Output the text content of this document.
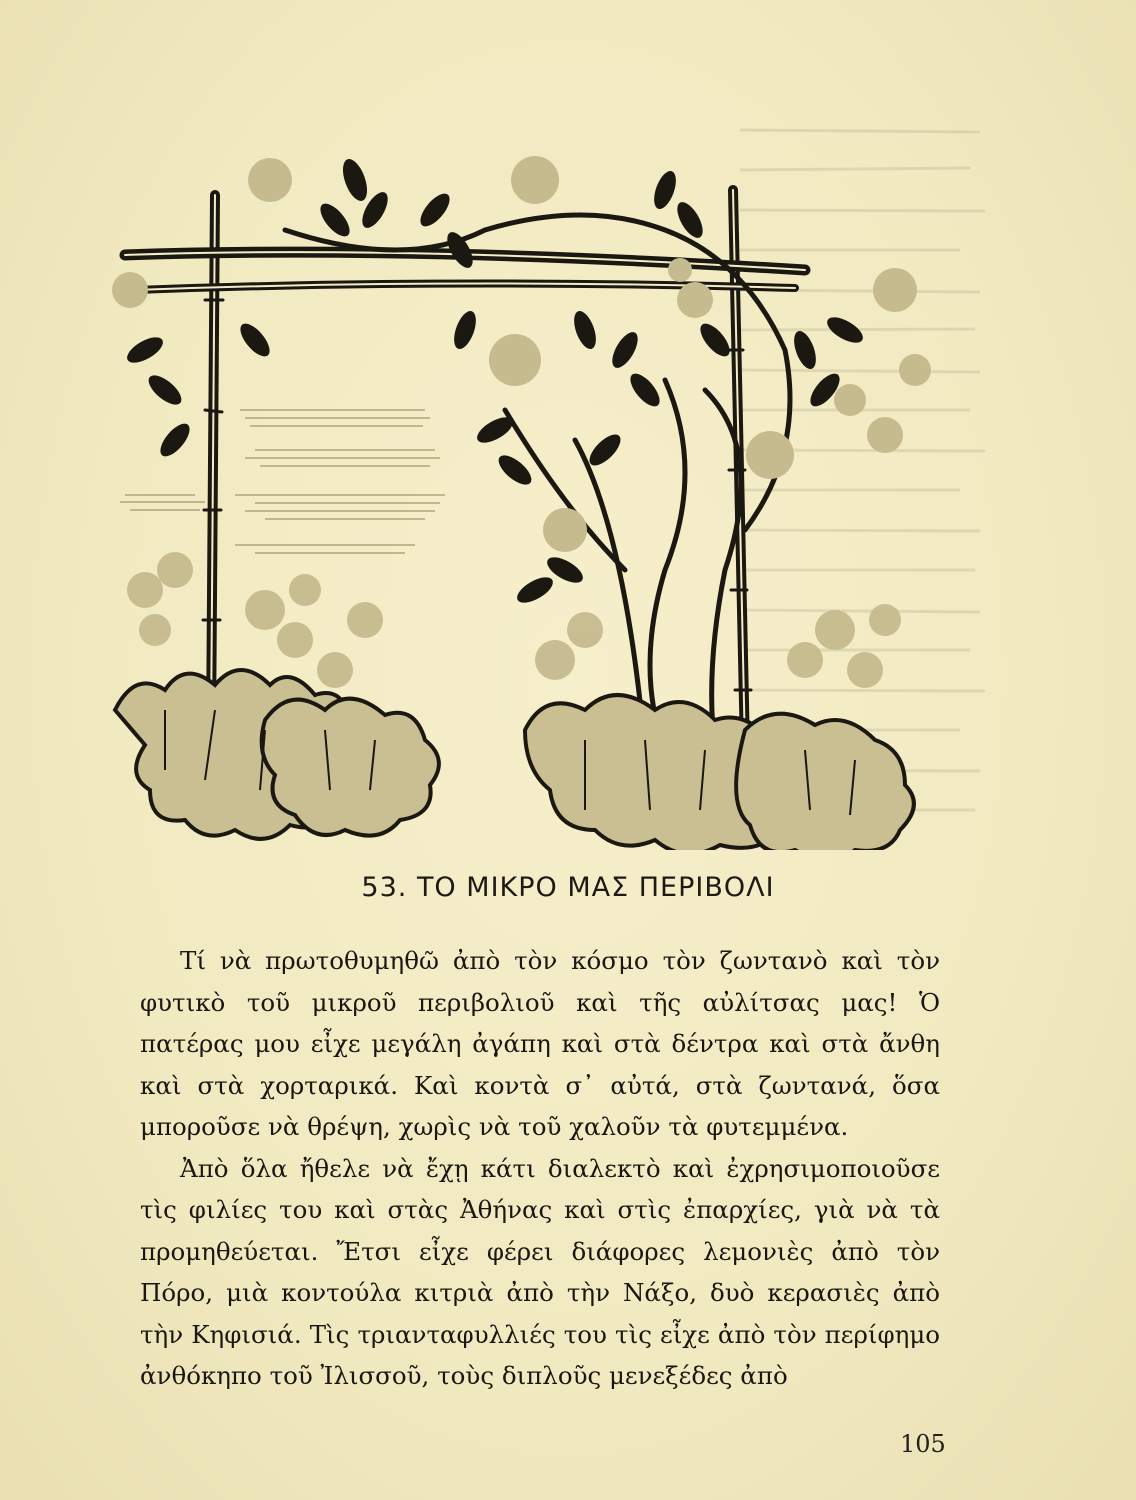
53. ΤΟ ΜΙΚΡΟ ΜΑΣ ΠΕΡΙΒΟΛΙ

Τί νὰ πρωτοθυμηθῶ ἀπὸ τὸν κόσμο τὸν ζωντανὸ καὶ τὸν φυτικὸ τοῦ μικροῦ περιβολιοῦ καὶ τῆς αὐλίτσας μας! Ὁ πατέρας μου εἶχε μεγάλη ἀγάπη καὶ στὰ δέντρα καὶ στὰ ἄνθη καὶ στὰ χορταρικά. Καὶ κοντὰ σ᾿ αὐτά, στὰ ζωντανά, ὅσα μποροῦσε νὰ θρέψη, χωρὶς νὰ τοῦ χαλοῦν τὰ φυτεμμένα.

Ἀπὸ ὅλα ἤθελε νὰ ἔχῃ κάτι διαλεκτὸ καὶ ἐχρησιμοποιοῦσε τὶς φιλίες του καὶ στὰς Ἀθήνας καὶ στὶς ἐπαρχίες, γιὰ νὰ τὰ προμηθεύεται. Ἔτσι εἶχε φέρει διάφορες λεμονιὲς ἀπὸ τὸν Πόρο, μιὰ κοντούλα κιτριὰ ἀπὸ τὴν Νάξο, δυὸ κερασιὲς ἀπὸ τὴν Κηφισιά. Τὶς τριανταφυλλιές του τὶς εἶχε ἀπὸ τὸν περίφημο ἀνθόκηπο τοῦ Ἰλισσοῦ, τοὺς διπλοῦς μενεξέδες ἀπὸ

105
